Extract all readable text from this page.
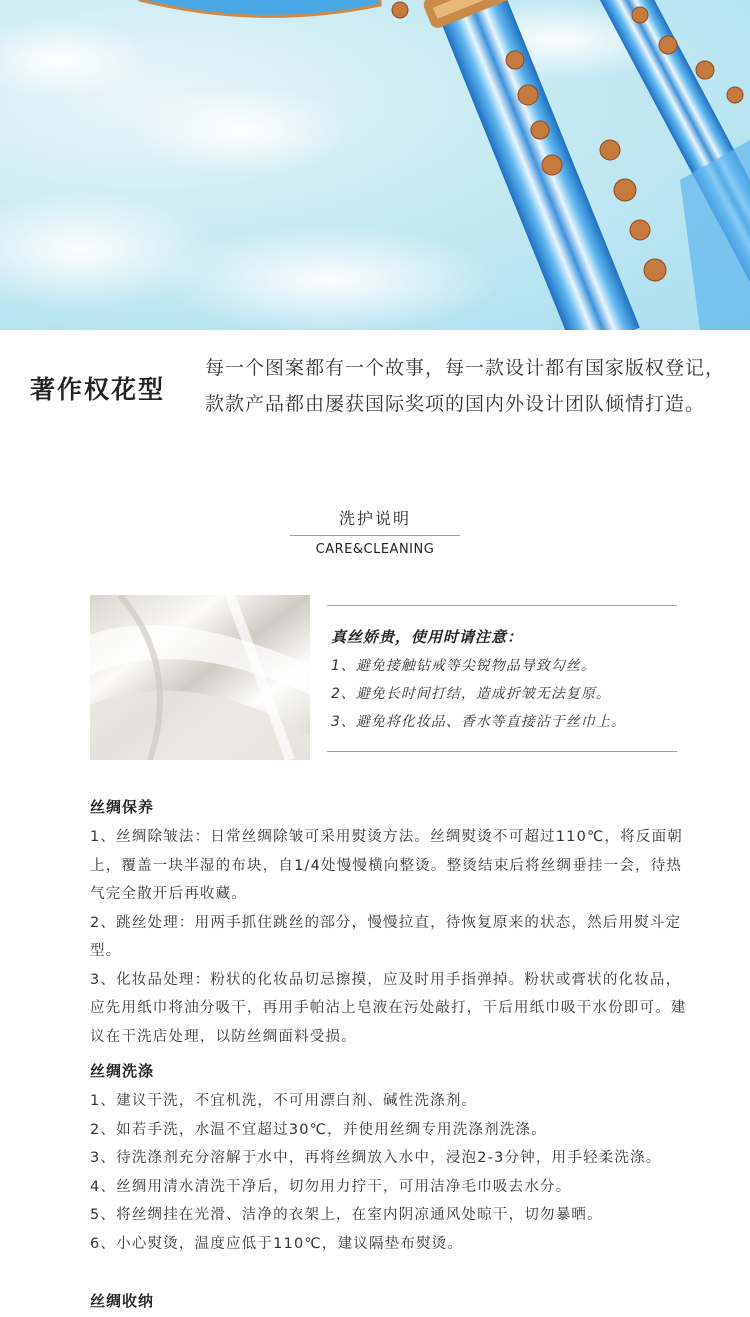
著作权花型
每一个图案都有一个故事，每一款设计都有国家版权登记，款款产品都由屡获国际奖项的国内外设计团队倾情打造。
洗护说明
CARE&CLEANING
真丝娇贵，使用时请注意：
1、避免接触钻戒等尖锐物品导致勾丝。
2、避免长时间打结，造成折皱无法复原。
3、避免将化妆品、香水等直接沾于丝巾上。
丝绸保养
1、丝绸除皱法：日常丝绸除皱可采用熨烫方法。丝绸熨烫不可超过110℃，将反面朝上，覆盖一块半湿的布块，自1/4处慢慢横向整烫。整烫结束后将丝绸垂挂一会，待热气完全散开后再收藏。
2、跳丝处理：用两手抓住跳丝的部分，慢慢拉直，待恢复原来的状态，然后用熨斗定型。
3、化妆品处理：粉状的化妆品切忌擦摸，应及时用手指弹掉。粉状或膏状的化妆品，应先用纸巾将油分吸干，再用手帕沾上皂液在污处敲打，干后用纸巾吸干水份即可。建议在干洗店处理，以防丝绸面料受损。
丝绸洗涤
1、建议干洗，不宜机洗，不可用漂白剂、碱性洗涤剂。
2、如若手洗，水温不宜超过30℃，并使用丝绸专用洗涤剂洗涤。
3、待洗涤剂充分溶解于水中，再将丝绸放入水中，浸泡2-3分钟，用手轻柔洗涤。
4、丝绸用清水清洗干净后，切勿用力拧干，可用洁净毛巾吸去水分。
5、将丝绸挂在光滑、洁净的衣架上，在室内阴凉通风处晾干，切勿暴晒。
6、小心熨烫，温度应低于110℃，建议隔垫布熨烫。
丝绸收纳
